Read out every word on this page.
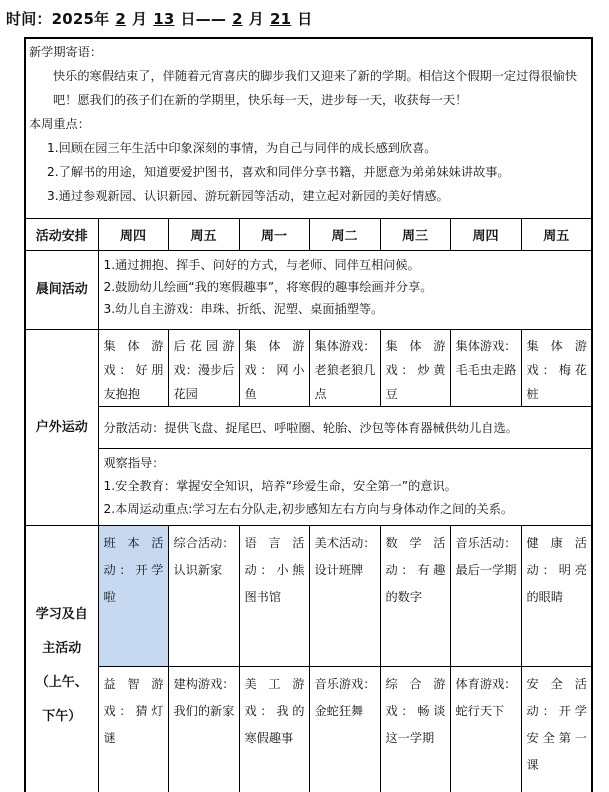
时间：2025年 2 月 13 日—— 2 月 21 日
新学期寄语：
快乐的寒假结束了，伴随着元宵喜庆的脚步我们又迎来了新的学期。相信这个假期一定过得很愉快吧！愿我们的孩子们在新的学期里，快乐每一天，进步每一天，收获每一天！
本周重点：
1.回顾在园三年生活中印象深刻的事情，为自己与同伴的成长感到欣喜。
2.了解书的用途，知道要爱护图书，喜欢和同伴分享书籍，并愿意为弟弟妹妹讲故事。
3.通过参观新园、认识新园、游玩新园等活动，建立起对新园的美好情感。
活动安排	周四	周五	周一	周二	周三	周四	周五
晨间活动	1.通过拥抱、挥手、问好的方式，与老师、同伴互相问候。
2.鼓励幼儿绘画“我的寒假趣事”，将寒假的趣事绘画并分享。
3.幼儿自主游戏：串珠、折纸、泥塑、桌面插塑等。						

户外运动	集体游戏：好朋友抱抱	后花园游戏：漫步后花园	集体游戏：网小鱼	集体游戏：老狼老狼几点	集体游戏：炒黄豆	集体游戏：毛毛虫走路	集体游戏：梅花桩
	分散活动：提供飞盘、捉尾巴、呼啦圈、轮胎、沙包等体育器械供幼儿自选。						

	观察指导：
1.安全教育：掌握安全知识，培养“珍爱生命，安全第一”的意识。
2.本周运动重点:学习左右分队走,初步感知左右方向与身体动作之间的关系。						

学习及自
主活动
（上午、
下午）	班本活动：开学啦	综合活动：认识新家	语言活动：小熊图书馆	美术活动：设计班牌	数学活动：有趣的数字	音乐活动：最后一学期	健康活动：明亮的眼睛
	益智游戏：猜灯谜	建构游戏：我们的新家	美工游戏：我的寒假趣事	音乐游戏：金蛇狂舞	综合游戏：畅谈这一学期	体育游戏：蛇行天下	安全活动：开学安全第一课
